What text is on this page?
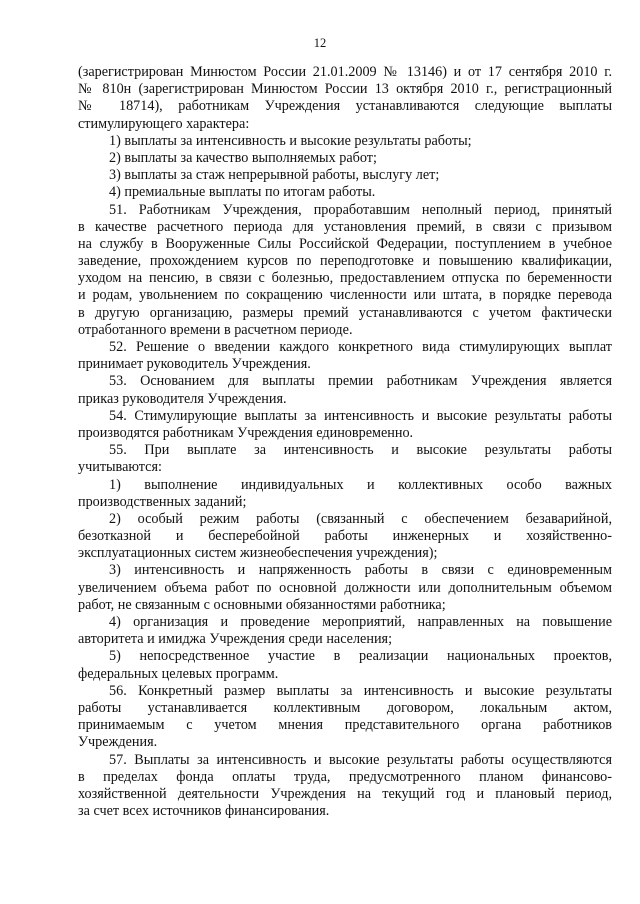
12
(зарегистрирован Минюстом России 21.01.2009 № 13146) и от 17 сентября 2010 г.
№ 810н (зарегистрирован Минюстом России 13 октября 2010 г., регистрационный
№ 18714), работникам Учреждения устанавливаются следующие выплаты
стимулирующего характера:
1) выплаты за интенсивность и высокие результаты работы;
2) выплаты за качество выполняемых работ;
3) выплаты за стаж непрерывной работы, выслугу лет;
4) премиальные выплаты по итогам работы.
51. Работникам Учреждения, проработавшим неполный период, принятый
в качестве расчетного периода для установления премий, в связи с призывом
на службу в Вооруженные Силы Российской Федерации, поступлением в учебное
заведение, прохождением курсов по переподготовке и повышению квалификации,
уходом на пенсию, в связи с болезнью, предоставлением отпуска по беременности
и родам, увольнением по сокращению численности или штата, в порядке перевода
в другую организацию, размеры премий устанавливаются с учетом фактически
отработанного времени в расчетном периоде.
52. Решение о введении каждого конкретного вида стимулирующих выплат
принимает руководитель Учреждения.
53. Основанием для выплаты премии работникам Учреждения является
приказ руководителя Учреждения.
54. Стимулирующие выплаты за интенсивность и высокие результаты работы
производятся работникам Учреждения единовременно.
55. При выплате за интенсивность и высокие результаты работы
учитываются:
1) выполнение индивидуальных и коллективных особо важных
производственных заданий;
2) особый режим работы (связанный с обеспечением безаварийной,
безотказной и бесперебойной работы инженерных и хозяйственно-
эксплуатационных систем жизнеобеспечения учреждения);
3) интенсивность и напряженность работы в связи с единовременным
увеличением объема работ по основной должности или дополнительным объемом
работ, не связанным с основными обязанностями работника;
4) организация и проведение мероприятий, направленных на повышение
авторитета и имиджа Учреждения среди населения;
5) непосредственное участие в реализации национальных проектов,
федеральных целевых программ.
56. Конкретный размер выплаты за интенсивность и высокие результаты
работы устанавливается коллективным договором, локальным актом,
принимаемым с учетом мнения представительного органа работников
Учреждения.
57. Выплаты за интенсивность и высокие результаты работы осуществляются
в пределах фонда оплаты труда, предусмотренного планом финансово-
хозяйственной деятельности Учреждения на текущий год и плановый период,
за счет всех источников финансирования.
